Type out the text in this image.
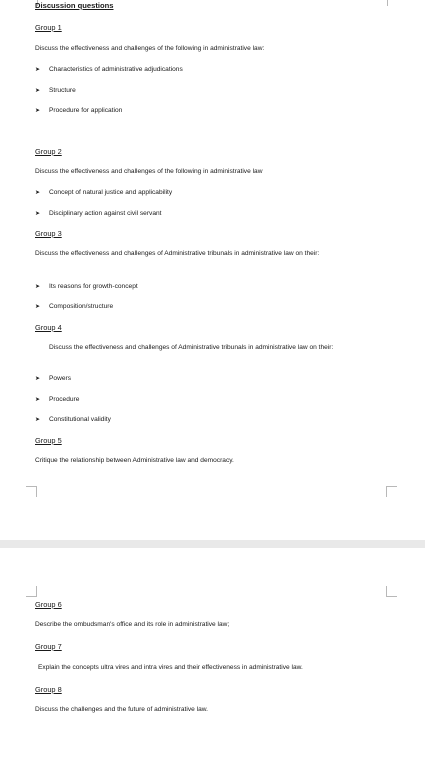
Discussion questions

Group 1

Discuss the effectiveness and challenges of the following in administrative law:

➤ Characteristics of administrative adjudications

➤ Structure

➤ Procedure for application

Group 2

Discuss the effectiveness and challenges of the following in administrative law

➤ Concept of natural justice and applicability

➤ Disciplinary action against civil servant

Group 3

Discuss the effectiveness and challenges of Administrative tribunals in administrative law on their:

➤ Its reasons for growth-concept

➤ Composition/structure

Group 4

Discuss the effectiveness and challenges of Administrative tribunals in administrative law on their:

➤ Powers

➤ Procedure

➤ Constitutional validity

Group 5

Critique the relationship between Administrative law and democracy.

Group 6

Describe the ombudsman's office and its role in administrative law;

Group 7

Explain the concepts ultra vires and intra vires and their effectiveness in administrative law.

Group 8

Discuss the challenges and the future of administrative law.
